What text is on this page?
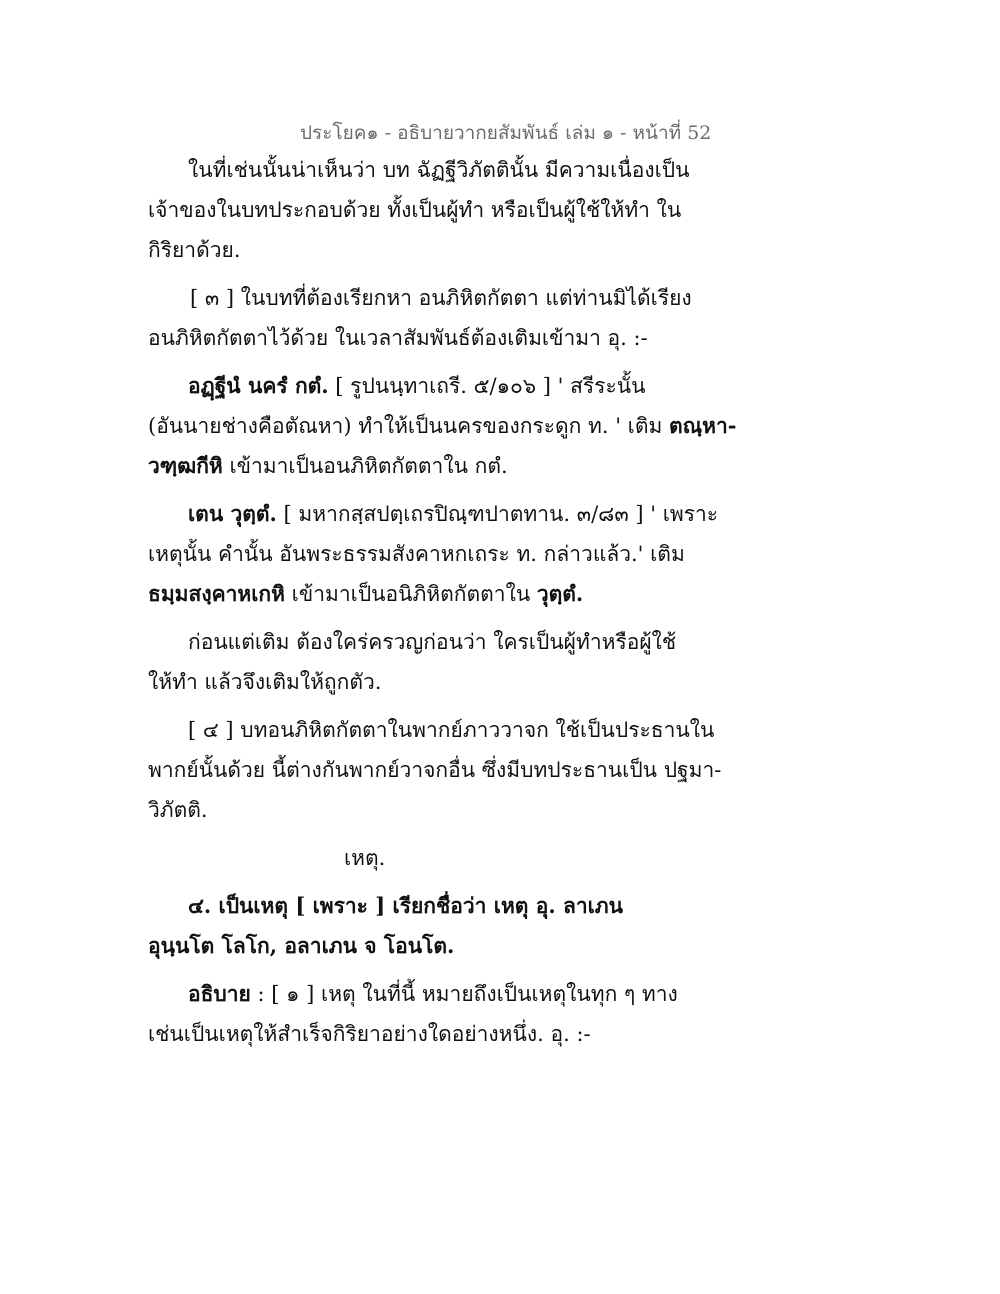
ประโยค๑ - อธิบายวากยสัมพันธ์ เล่ม ๑ - หน้าที่ 52
ในที่เช่นนั้นน่าเห็นว่า บท ฉัฏฐีวิภัตตินั้น มีความเนื่องเป็น
เจ้าของในบทประกอบด้วย ทั้งเป็นผู้ทำ หรือเป็นผู้ใช้ให้ทำ ใน
กิริยาด้วย.
[ ๓ ] ในบทที่ต้องเรียกหา อนภิหิตกัตตา แต่ท่านมิได้เรียง
อนภิหิตกัตตาไว้ด้วย ในเวลาสัมพันธ์ต้องเติมเข้ามา อุ. :-
อฏฺฐีนํ นครํ กตํ. [ รูปนนฺทาเถรี. ๕/๑๐๖ ] ' สรีระนั้น
(อันนายช่างคือตัณหา) ทำให้เป็นนครของกระดูก ท. ' เติม ตณฺหา-
วฑฺฒกีหิ เข้ามาเป็นอนภิหิตกัตตาใน กตํ.
เตน วุตฺตํ. [ มหากสฺสปตฺเถรปิณฺฑปาตทาน. ๓/๘๓ ] ' เพราะ
เหตุนั้น คำนั้น อันพระธรรมสังคาหกเถระ ท. กล่าวแล้ว.' เติม
ธมฺมสงฺคาหเกหิ เข้ามาเป็นอนิภิหิตกัตตาใน วุตฺตํ.
ก่อนแต่เติม ต้องใคร่ครวญก่อนว่า ใครเป็นผู้ทำหรือผู้ใช้
ให้ทำ แล้วจึงเติมให้ถูกตัว.
[ ๔ ] บทอนภิหิตกัตตาในพากย์ภาววาจก ใช้เป็นประธานใน
พากย์นั้นด้วย นี้ต่างกันพากย์วาจกอื่น ซึ่งมีบทประธานเป็น ปฐมา-
วิภัตติ.
เหตุ.
๔. เป็นเหตุ [ เพราะ ] เรียกชื่อว่า เหตุ อุ. ลาเภน
อุนฺนโต โลโก, อลาเภน จ โอนโต.
อธิบาย : [ ๑ ] เหตุ ในที่นี้ หมายถึงเป็นเหตุในทุก ๆ ทาง
เช่นเป็นเหตุให้สำเร็จกิริยาอย่างใดอย่างหนึ่ง. อุ. :-
